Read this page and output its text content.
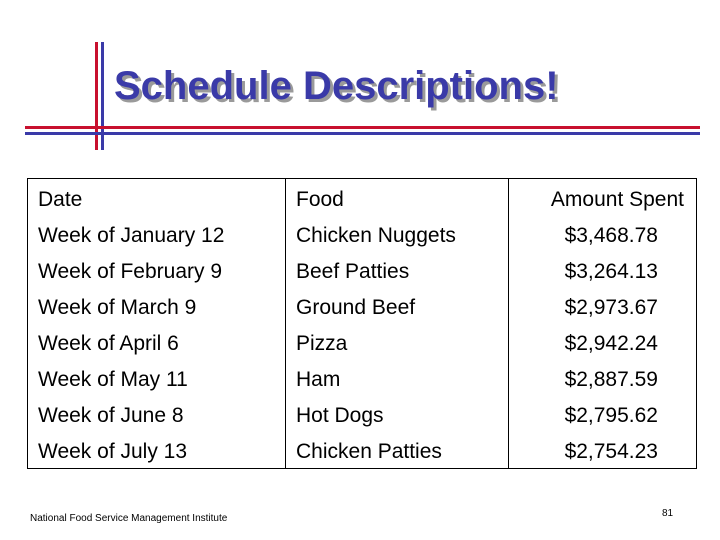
Schedule Descriptions!
Date	Food	Amount Spent
Week of January 12	Chicken Nuggets	$3,468.78
Week of February 9	Beef Patties	$3,264.13
Week of March 9	Ground Beef	$2,973.67
Week of April 6	Pizza	$2,942.24
Week of May 11	Ham	$2,887.59
Week of June 8	Hot Dogs	$2,795.62
Week of July 13	Chicken Patties	$2,754.23
National Food Service Management Institute	81
